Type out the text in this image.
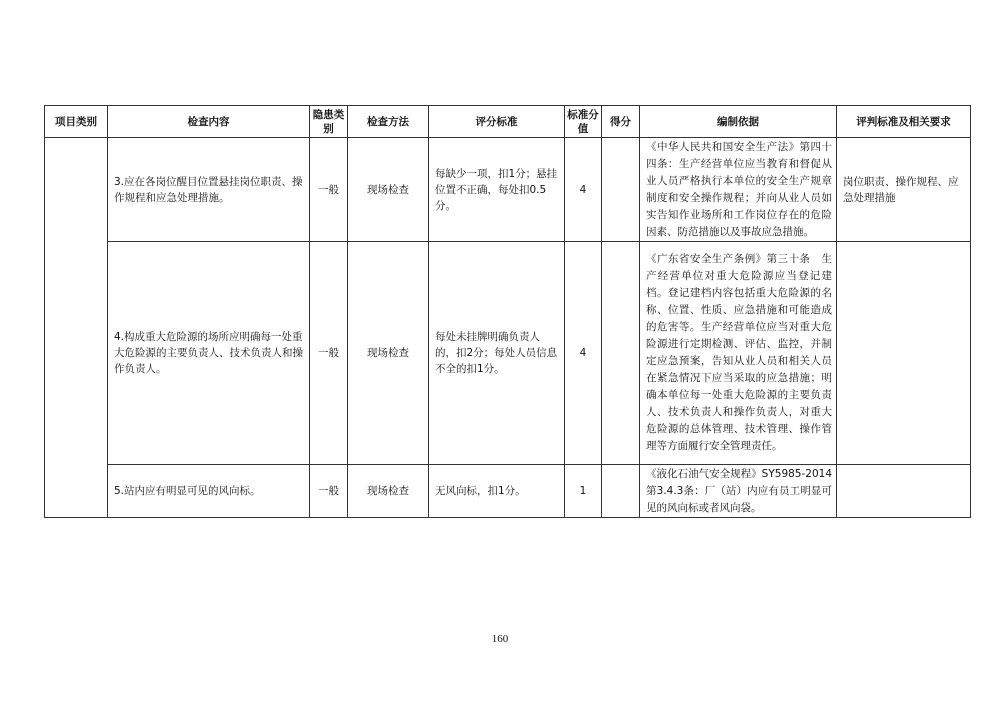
项目类别	检查内容	隐患类别	检查方法	评分标准	标准分值	得分	编制依据	评判标准及相关要求
	3.应在各岗位醒目位置悬挂岗位职责、操作规程和应急处理措施。	一般	现场检查	每缺少一项，扣1分；悬挂位置不正确，每处扣0.5分。	4		《中华人民共和国安全生产法》第四十四条：生产经营单位应当教育和督促从业人员严格执行本单位的安全生产规章制度和安全操作规程；并向从业人员如实告知作业场所和工作岗位存在的危险因素、防范措施以及事故应急措施。	岗位职责、操作规程、应急处理措施
	4.构成重大危险源的场所应明确每一处重大危险源的主要负责人、技术负责人和操作负责人。	一般	现场检查	每处未挂牌明确负责人的，扣2分；每处人员信息不全的扣1分。	4		《广东省安全生产条例》第三十条　生产经营单位对重大危险源应当登记建档。登记建档内容包括重大危险源的名称、位置、性质、应急措施和可能造成的危害等。生产经营单位应当对重大危险源进行定期检测、评估、监控，并制定应急预案，告知从业人员和相关人员在紧急情况下应当采取的应急措施；明确本单位每一处重大危险源的主要负责人、技术负责人和操作负责人，对重大危险源的总体管理、技术管理、操作管理等方面履行安全管理责任。	
	5.站内应有明显可见的风向标。	一般	现场检查	无风向标，扣1分。	1		《液化石油气安全规程》SY5985-2014第3.4.3条：厂（站）内应有员工明显可见的风向标或者风向袋。	
160
